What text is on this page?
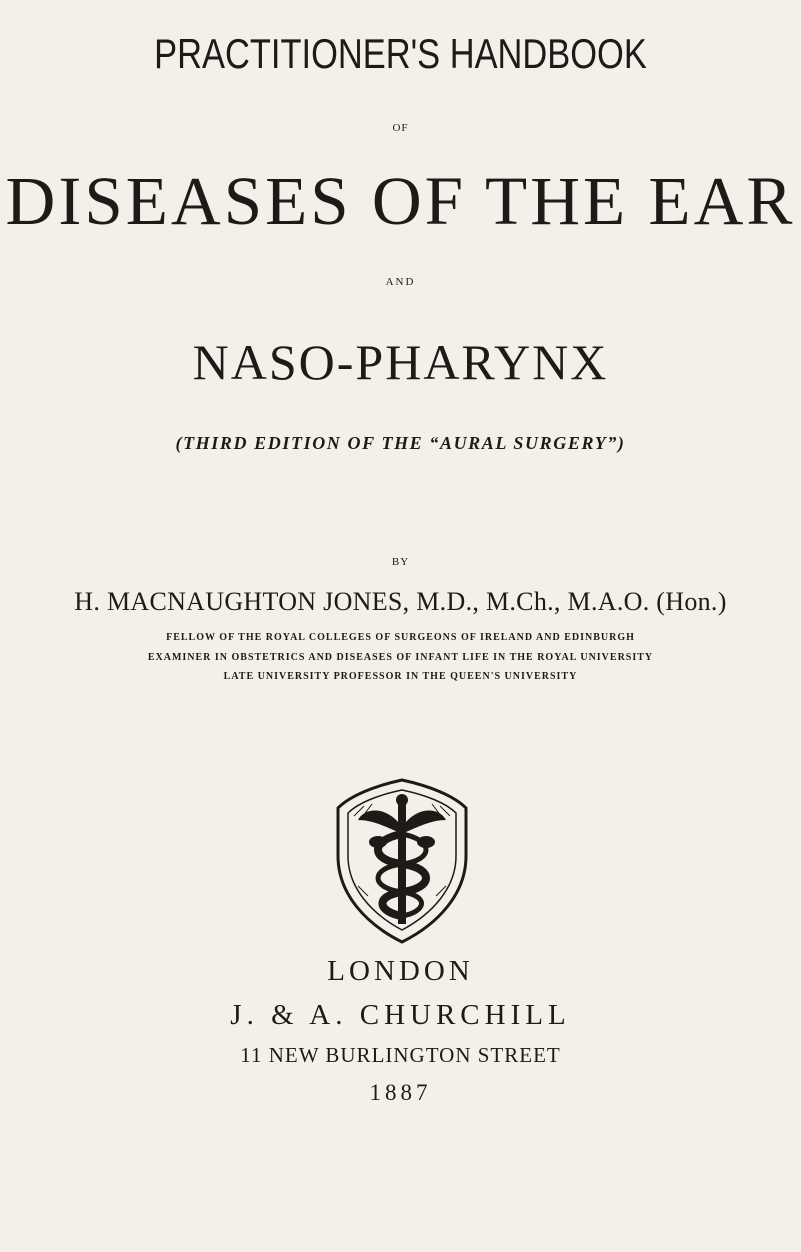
PRACTITIONER'S HANDBOOK
OF
DISEASES OF THE EAR
AND
NASO-PHARYNX
(THIRD EDITION OF THE “AURAL SURGERY”)
BY
H. MACNAUGHTON JONES, M.D., M.Ch., M.A.O. (Hon.)
FELLOW OF THE ROYAL COLLEGES OF SURGEONS OF IRELAND AND EDINBURGH
EXAMINER IN OBSTETRICS AND DISEASES OF INFANT LIFE IN THE ROYAL UNIVERSITY
LATE UNIVERSITY PROFESSOR IN THE QUEEN'S UNIVERSITY
LONDON
J. & A. CHURCHILL
11 NEW BURLINGTON STREET
1887
